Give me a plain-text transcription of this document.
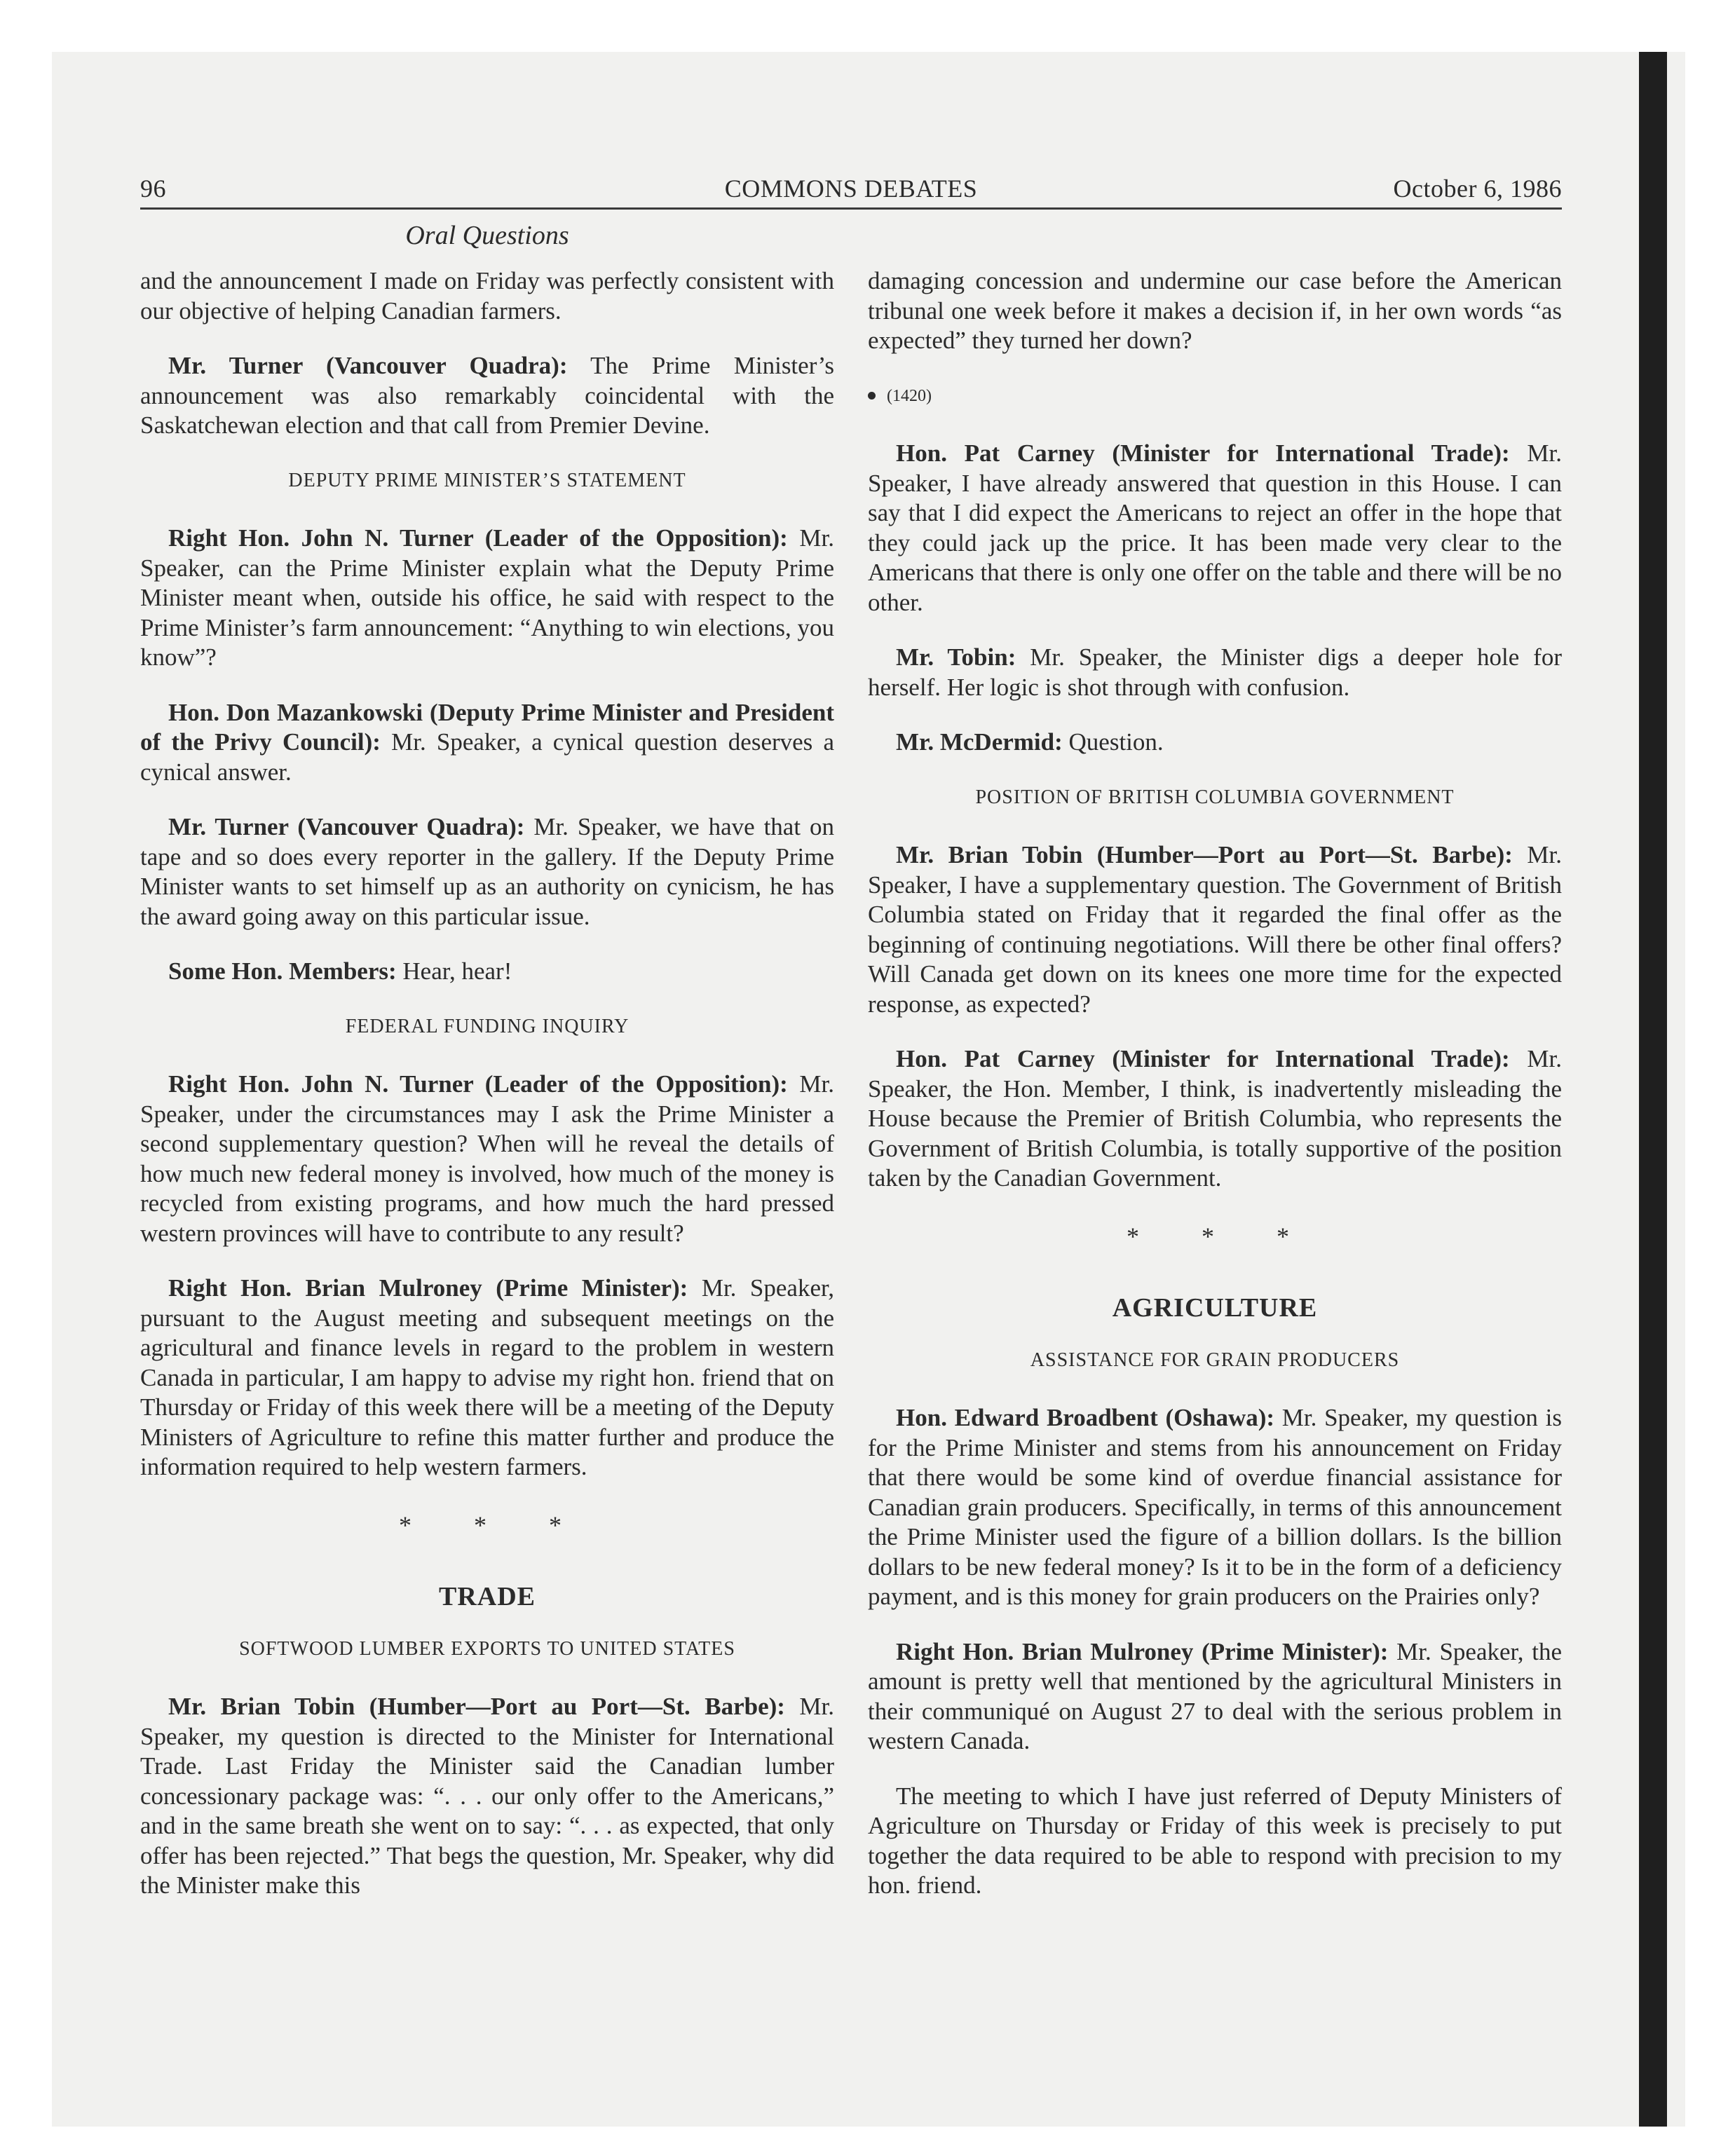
96	COMMONS DEBATES	October 6, 1986
Oral Questions

and the announcement I made on Friday was perfectly consistent with our objective of helping Canadian farmers.

Mr. Turner (Vancouver Quadra): The Prime Minister’s announcement was also remarkably coincidental with the Saskatchewan election and that call from Premier Devine.

DEPUTY PRIME MINISTER’S STATEMENT

Right Hon. John N. Turner (Leader of the Opposition): Mr. Speaker, can the Prime Minister explain what the Deputy Prime Minister meant when, outside his office, he said with respect to the Prime Minister’s farm announcement: “Anything to win elections, you know”?

Hon. Don Mazankowski (Deputy Prime Minister and President of the Privy Council): Mr. Speaker, a cynical question deserves a cynical answer.

Mr. Turner (Vancouver Quadra): Mr. Speaker, we have that on tape and so does every reporter in the gallery. If the Deputy Prime Minister wants to set himself up as an authority on cynicism, he has the award going away on this particular issue.

Some Hon. Members: Hear, hear!

FEDERAL FUNDING INQUIRY

Right Hon. John N. Turner (Leader of the Opposition): Mr. Speaker, under the circumstances may I ask the Prime Minister a second supplementary question? When will he reveal the details of how much new federal money is involved, how much of the money is recycled from existing programs, and how much the hard pressed western provinces will have to contribute to any result?

Right Hon. Brian Mulroney (Prime Minister): Mr. Speaker, pursuant to the August meeting and subsequent meetings on the agricultural and finance levels in regard to the problem in western Canada in particular, I am happy to advise my right hon. friend that on Thursday or Friday of this week there will be a meeting of the Deputy Ministers of Agriculture to refine this matter further and produce the information required to help western farmers.

* * *
TRADE
SOFTWOOD LUMBER EXPORTS TO UNITED STATES

Mr. Brian Tobin (Humber—Port au Port—St. Barbe): Mr. Speaker, my question is directed to the Minister for International Trade. Last Friday the Minister said the Canadian lumber concessionary package was: “. . . our only offer to the Americans,” and in the same breath she went on to say: “. . . as expected, that only offer has been rejected.” That begs the question, Mr. Speaker, why did the Minister make this

damaging concession and undermine our case before the American tribunal one week before it makes a decision if, in her own words “as expected” they turned her down?

(1420)

Hon. Pat Carney (Minister for International Trade): Mr. Speaker, I have already answered that question in this House. I can say that I did expect the Americans to reject an offer in the hope that they could jack up the price. It has been made very clear to the Americans that there is only one offer on the table and there will be no other.

Mr. Tobin: Mr. Speaker, the Minister digs a deeper hole for herself. Her logic is shot through with confusion.

Mr. McDermid: Question.

POSITION OF BRITISH COLUMBIA GOVERNMENT

Mr. Brian Tobin (Humber—Port au Port—St. Barbe): Mr. Speaker, I have a supplementary question. The Government of British Columbia stated on Friday that it regarded the final offer as the beginning of continuing negotiations. Will there be other final offers? Will Canada get down on its knees one more time for the expected response, as expected?

Hon. Pat Carney (Minister for International Trade): Mr. Speaker, the Hon. Member, I think, is inadvertently misleading the House because the Premier of British Columbia, who represents the Government of British Columbia, is totally supportive of the position taken by the Canadian Government.

* * *
AGRICULTURE
ASSISTANCE FOR GRAIN PRODUCERS

Hon. Edward Broadbent (Oshawa): Mr. Speaker, my question is for the Prime Minister and stems from his announcement on Friday that there would be some kind of overdue financial assistance for Canadian grain producers. Specifically, in terms of this announcement the Prime Minister used the figure of a billion dollars. Is the billion dollars to be new federal money? Is it to be in the form of a deficiency payment, and is this money for grain producers on the Prairies only?

Right Hon. Brian Mulroney (Prime Minister): Mr. Speaker, the amount is pretty well that mentioned by the agricultural Ministers in their communiqué on August 27 to deal with the serious problem in western Canada.

The meeting to which I have just referred of Deputy Ministers of Agriculture on Thursday or Friday of this week is precisely to put together the data required to be able to respond with precision to my hon. friend.
